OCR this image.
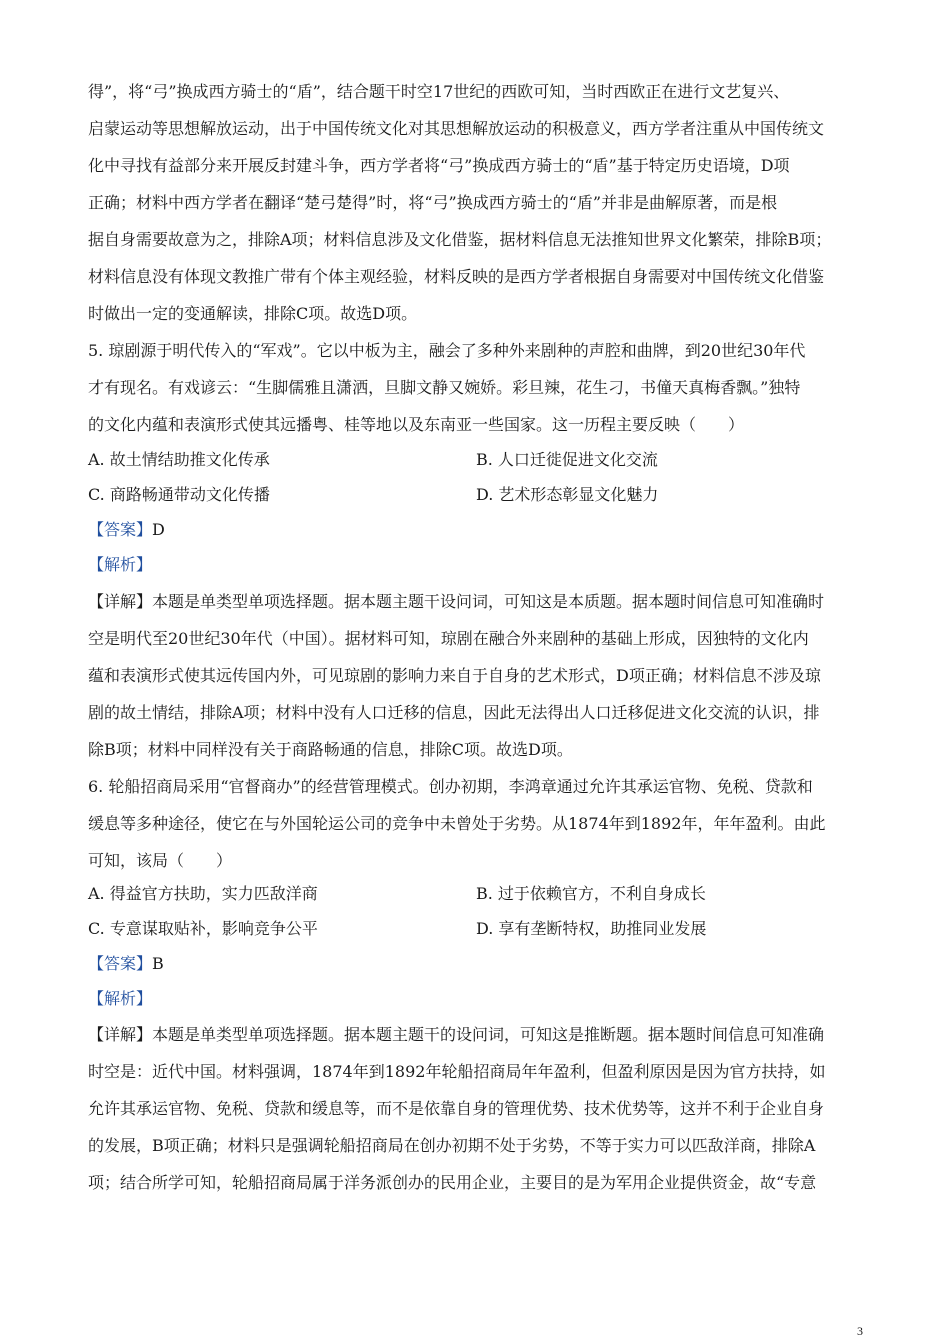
得”，将“弓”换成西方骑士的“盾”，结合题干时空17世纪的西欧可知，当时西欧正在进行文艺复兴、
启蒙运动等思想解放运动，出于中国传统文化对其思想解放运动的积极意义，西方学者注重从中国传统文
化中寻找有益部分来开展反封建斗争，西方学者将“弓”换成西方骑士的“盾”基于特定历史语境，D项
正确；材料中西方学者在翻译“楚弓楚得”时，将“弓”换成西方骑士的“盾”并非是曲解原著，而是根
据自身需要故意为之，排除A项；材料信息涉及文化借鉴，据材料信息无法推知世界文化繁荣，排除B项；
材料信息没有体现文教推广带有个体主观经验，材料反映的是西方学者根据自身需要对中国传统文化借鉴
时做出一定的变通解读，排除C项。故选D项。
5. 琼剧源于明代传入的“军戏”。它以中板为主，融会了多种外来剧种的声腔和曲牌，到20世纪30年代
才有现名。有戏谚云：“生脚儒雅且潇洒，旦脚文静又婉娇。彩旦辣，花生刁，书僮天真梅香飘。”独特
的文化内蕴和表演形式使其远播粤、桂等地以及东南亚一些国家。这一历程主要反映（　　）
A. 故土情结助推文化传承	B. 人口迁徙促进文化交流
C. 商路畅通带动文化传播	D. 艺术形态彰显文化魅力
【答案】D
【解析】
【详解】本题是单类型单项选择题。据本题主题干设问词，可知这是本质题。据本题时间信息可知准确时
空是明代至20世纪30年代（中国）。据材料可知，琼剧在融合外来剧种的基础上形成，因独特的文化内
蕴和表演形式使其远传国内外，可见琼剧的影响力来自于自身的艺术形式，D项正确；材料信息不涉及琼
剧的故土情结，排除A项；材料中没有人口迁移的信息，因此无法得出人口迁移促进文化交流的认识，排
除B项；材料中同样没有关于商路畅通的信息，排除C项。故选D项。
6. 轮船招商局采用“官督商办”的经营管理模式。创办初期，李鸿章通过允许其承运官物、免税、贷款和
缓息等多种途径，使它在与外国轮运公司的竞争中未曾处于劣势。从1874年到1892年，年年盈利。由此
可知，该局（　　）
A. 得益官方扶助，实力匹敌洋商	B. 过于依赖官方，不利自身成长
C. 专意谋取贴补，影响竞争公平	D. 享有垄断特权，助推同业发展
【答案】B
【解析】
【详解】本题是单类型单项选择题。据本题主题干的设问词，可知这是推断题。据本题时间信息可知准确
时空是：近代中国。材料强调，1874年到1892年轮船招商局年年盈利，但盈利原因是因为官方扶持，如
允许其承运官物、免税、贷款和缓息等，而不是依靠自身的管理优势、技术优势等，这并不利于企业自身
的发展，B项正确；材料只是强调轮船招商局在创办初期不处于劣势，不等于实力可以匹敌洋商，排除A
项；结合所学可知，轮船招商局属于洋务派创办的民用企业，主要目的是为军用企业提供资金，故“专意
3
